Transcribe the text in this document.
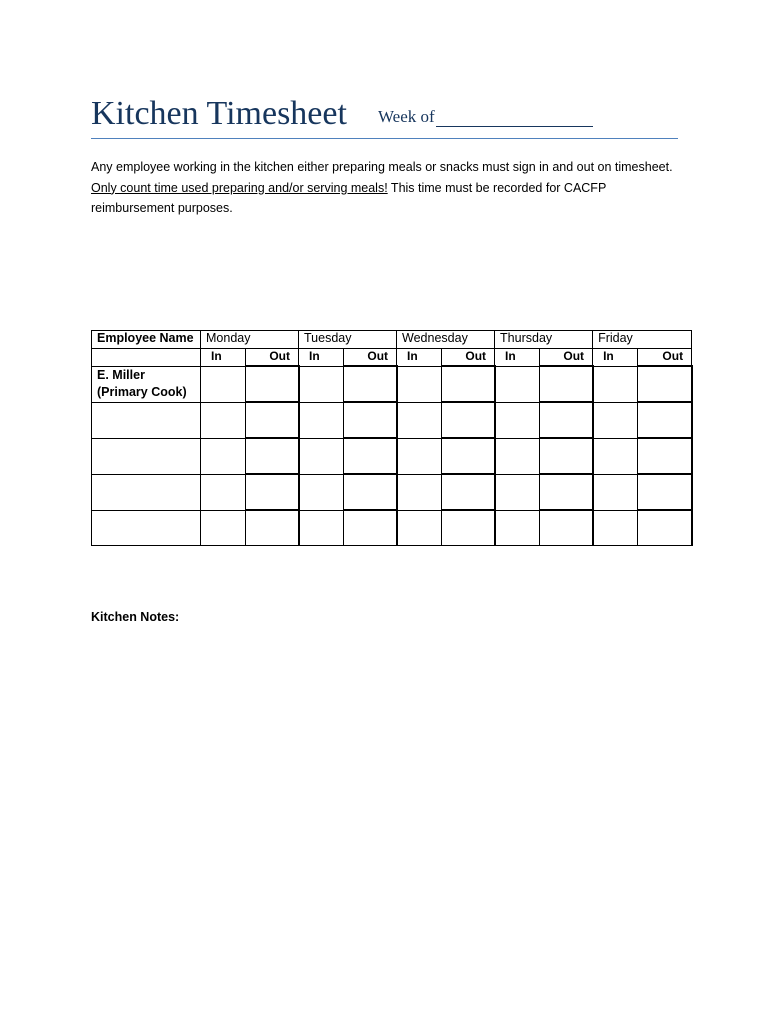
Kitchen Timesheet Week of
Any employee working in the kitchen either preparing meals or snacks must sign in and out on timesheet. Only count time used preparing and/or serving meals! This time must be recorded for CACFP reimbursement purposes.
Employee Name	Monday		Tuesday		Wednesday		Thursday		Friday	
	In	Out	In	Out	In	Out	In	Out	In	Out

E. Miller
(Primary Cook)										

Kitchen Notes:
